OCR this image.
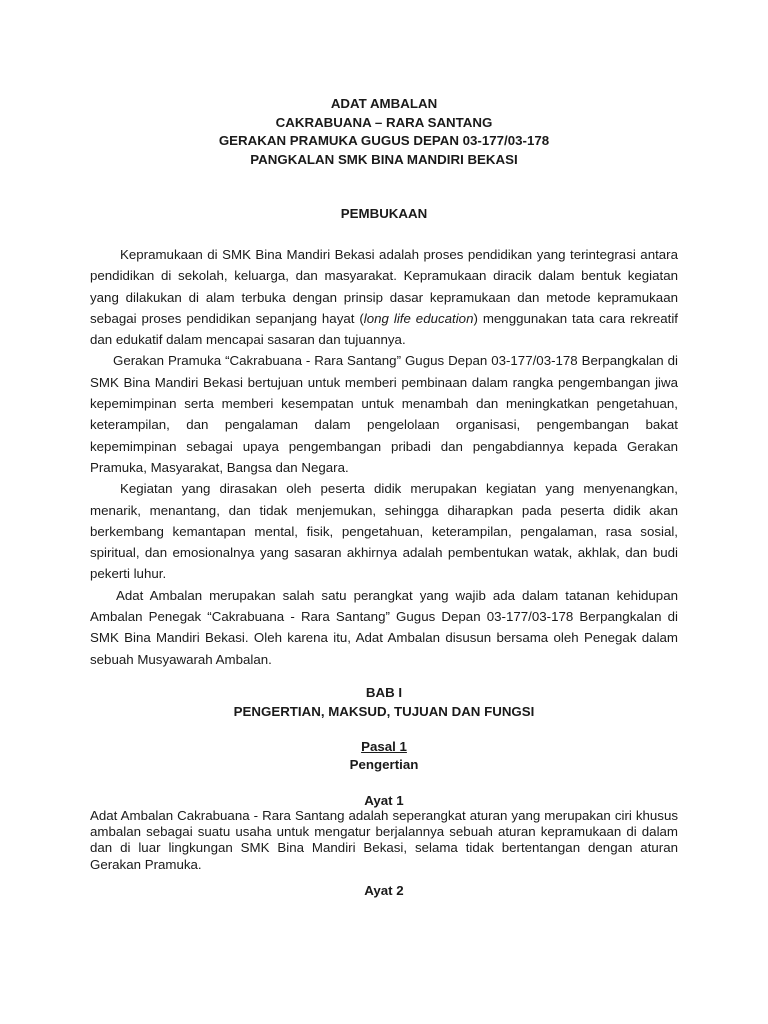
ADAT AMBALAN
CAKRABUANA – RARA SANTANG
GERAKAN PRAMUKA GUGUS DEPAN 03-177/03-178
PANGKALAN SMK BINA MANDIRI BEKASI
PEMBUKAAN

Kepramukaan di SMK Bina Mandiri Bekasi adalah proses pendidikan yang terintegrasi antara pendidikan di sekolah, keluarga, dan masyarakat. Kepramukaan diracik dalam bentuk kegiatan yang dilakukan di alam terbuka dengan prinsip dasar kepramukaan dan metode kepramukaan sebagai proses pendidikan sepanjang hayat (long life education) menggunakan tata cara rekreatif dan edukatif dalam mencapai sasaran dan tujuannya.

Gerakan Pramuka “Cakrabuana - Rara Santang” Gugus Depan 03-177/03-178 Berpangkalan di SMK Bina Mandiri Bekasi bertujuan untuk memberi pembinaan dalam rangka pengembangan jiwa kepemimpinan serta memberi kesempatan untuk menambah dan meningkatkan pengetahuan, keterampilan, dan pengalaman dalam pengelolaan organisasi, pengembangan bakat kepemimpinan sebagai upaya pengembangan pribadi dan pengabdiannya kepada Gerakan Pramuka, Masyarakat, Bangsa dan Negara.

Kegiatan yang dirasakan oleh peserta didik merupakan kegiatan yang menyenangkan, menarik, menantang, dan tidak menjemukan, sehingga diharapkan pada peserta didik akan berkembang kemantapan mental, fisik, pengetahuan, keterampilan, pengalaman, rasa sosial, spiritual, dan emosionalnya yang sasaran akhirnya adalah pembentukan watak, akhlak, dan budi pekerti luhur.

Adat Ambalan merupakan salah satu perangkat yang wajib ada dalam tatanan kehidupan Ambalan Penegak “Cakrabuana - Rara Santang” Gugus Depan 03-177/03-178 Berpangkalan di SMK Bina Mandiri Bekasi. Oleh karena itu, Adat Ambalan disusun bersama oleh Penegak dalam sebuah Musyawarah Ambalan.

BAB I
PENGERTIAN, MAKSUD, TUJUAN DAN FUNGSI
Pasal 1
Pengertian
Ayat 1

Adat Ambalan Cakrabuana - Rara Santang adalah seperangkat aturan yang merupakan ciri khusus ambalan sebagai suatu usaha untuk mengatur berjalannya sebuah aturan kepramukaan di dalam dan di luar lingkungan SMK Bina Mandiri Bekasi, selama tidak bertentangan dengan aturan Gerakan Pramuka.

Ayat 2
